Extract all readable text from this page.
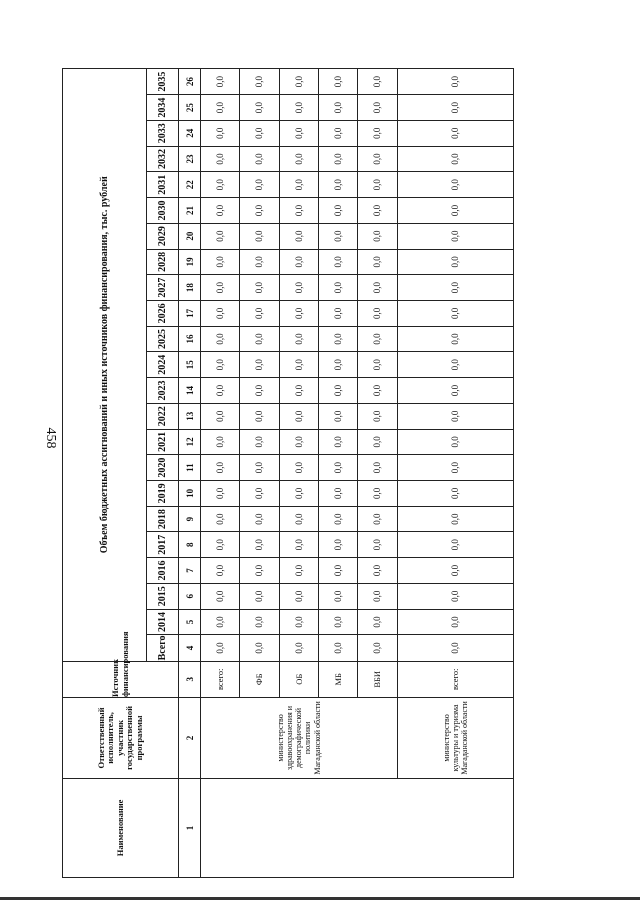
458
Наименование	Ответственный исполнитель, участник государственной программы	Источник финансирования	Объем бюджетных ассигнований и иных источников финансирования, тыс. рублей																						
			Всего	2014	2015	2016	2017	2018	2019	2020	2021	2022	2023	2024	2025	2026	2027	2028	2029	2030	2031	2032	2033	2034	2035
1	2	3	4	5	6	7	8	9	10	11	12	13	14	15	16	17	18	19	20	21	22	23	24	25	26
	министерство здравоохранения и демографической политики Магаданской области	всего:	0,0	0,0	0,0	0,0	0,0	0,0	0,0	0,0	0,0	0,0	0,0	0,0	0,0	0,0	0,0	0,0	0,0	0,0	0,0	0,0	0,0	0,0	0,0
		ФБ	0,0	0,0	0,0	0,0	0,0	0,0	0,0	0,0	0,0	0,0	0,0	0,0	0,0	0,0	0,0	0,0	0,0	0,0	0,0	0,0	0,0	0,0	0,0
		ОБ	0,0	0,0	0,0	0,0	0,0	0,0	0,0	0,0	0,0	0,0	0,0	0,0	0,0	0,0	0,0	0,0	0,0	0,0	0,0	0,0	0,0	0,0	0,0
		МБ	0,0	0,0	0,0	0,0	0,0	0,0	0,0	0,0	0,0	0,0	0,0	0,0	0,0	0,0	0,0	0,0	0,0	0,0	0,0	0,0	0,0	0,0	0,0
		ВБИ	0,0	0,0	0,0	0,0	0,0	0,0	0,0	0,0	0,0	0,0	0,0	0,0	0,0	0,0	0,0	0,0	0,0	0,0	0,0	0,0	0,0	0,0	0,0
	министерство культуры и туризма Магаданской области	всего:	0,0	0,0	0,0	0,0	0,0	0,0	0,0	0,0	0,0	0,0	0,0	0,0	0,0	0,0	0,0	0,0	0,0	0,0	0,0	0,0	0,0	0,0	0,0
